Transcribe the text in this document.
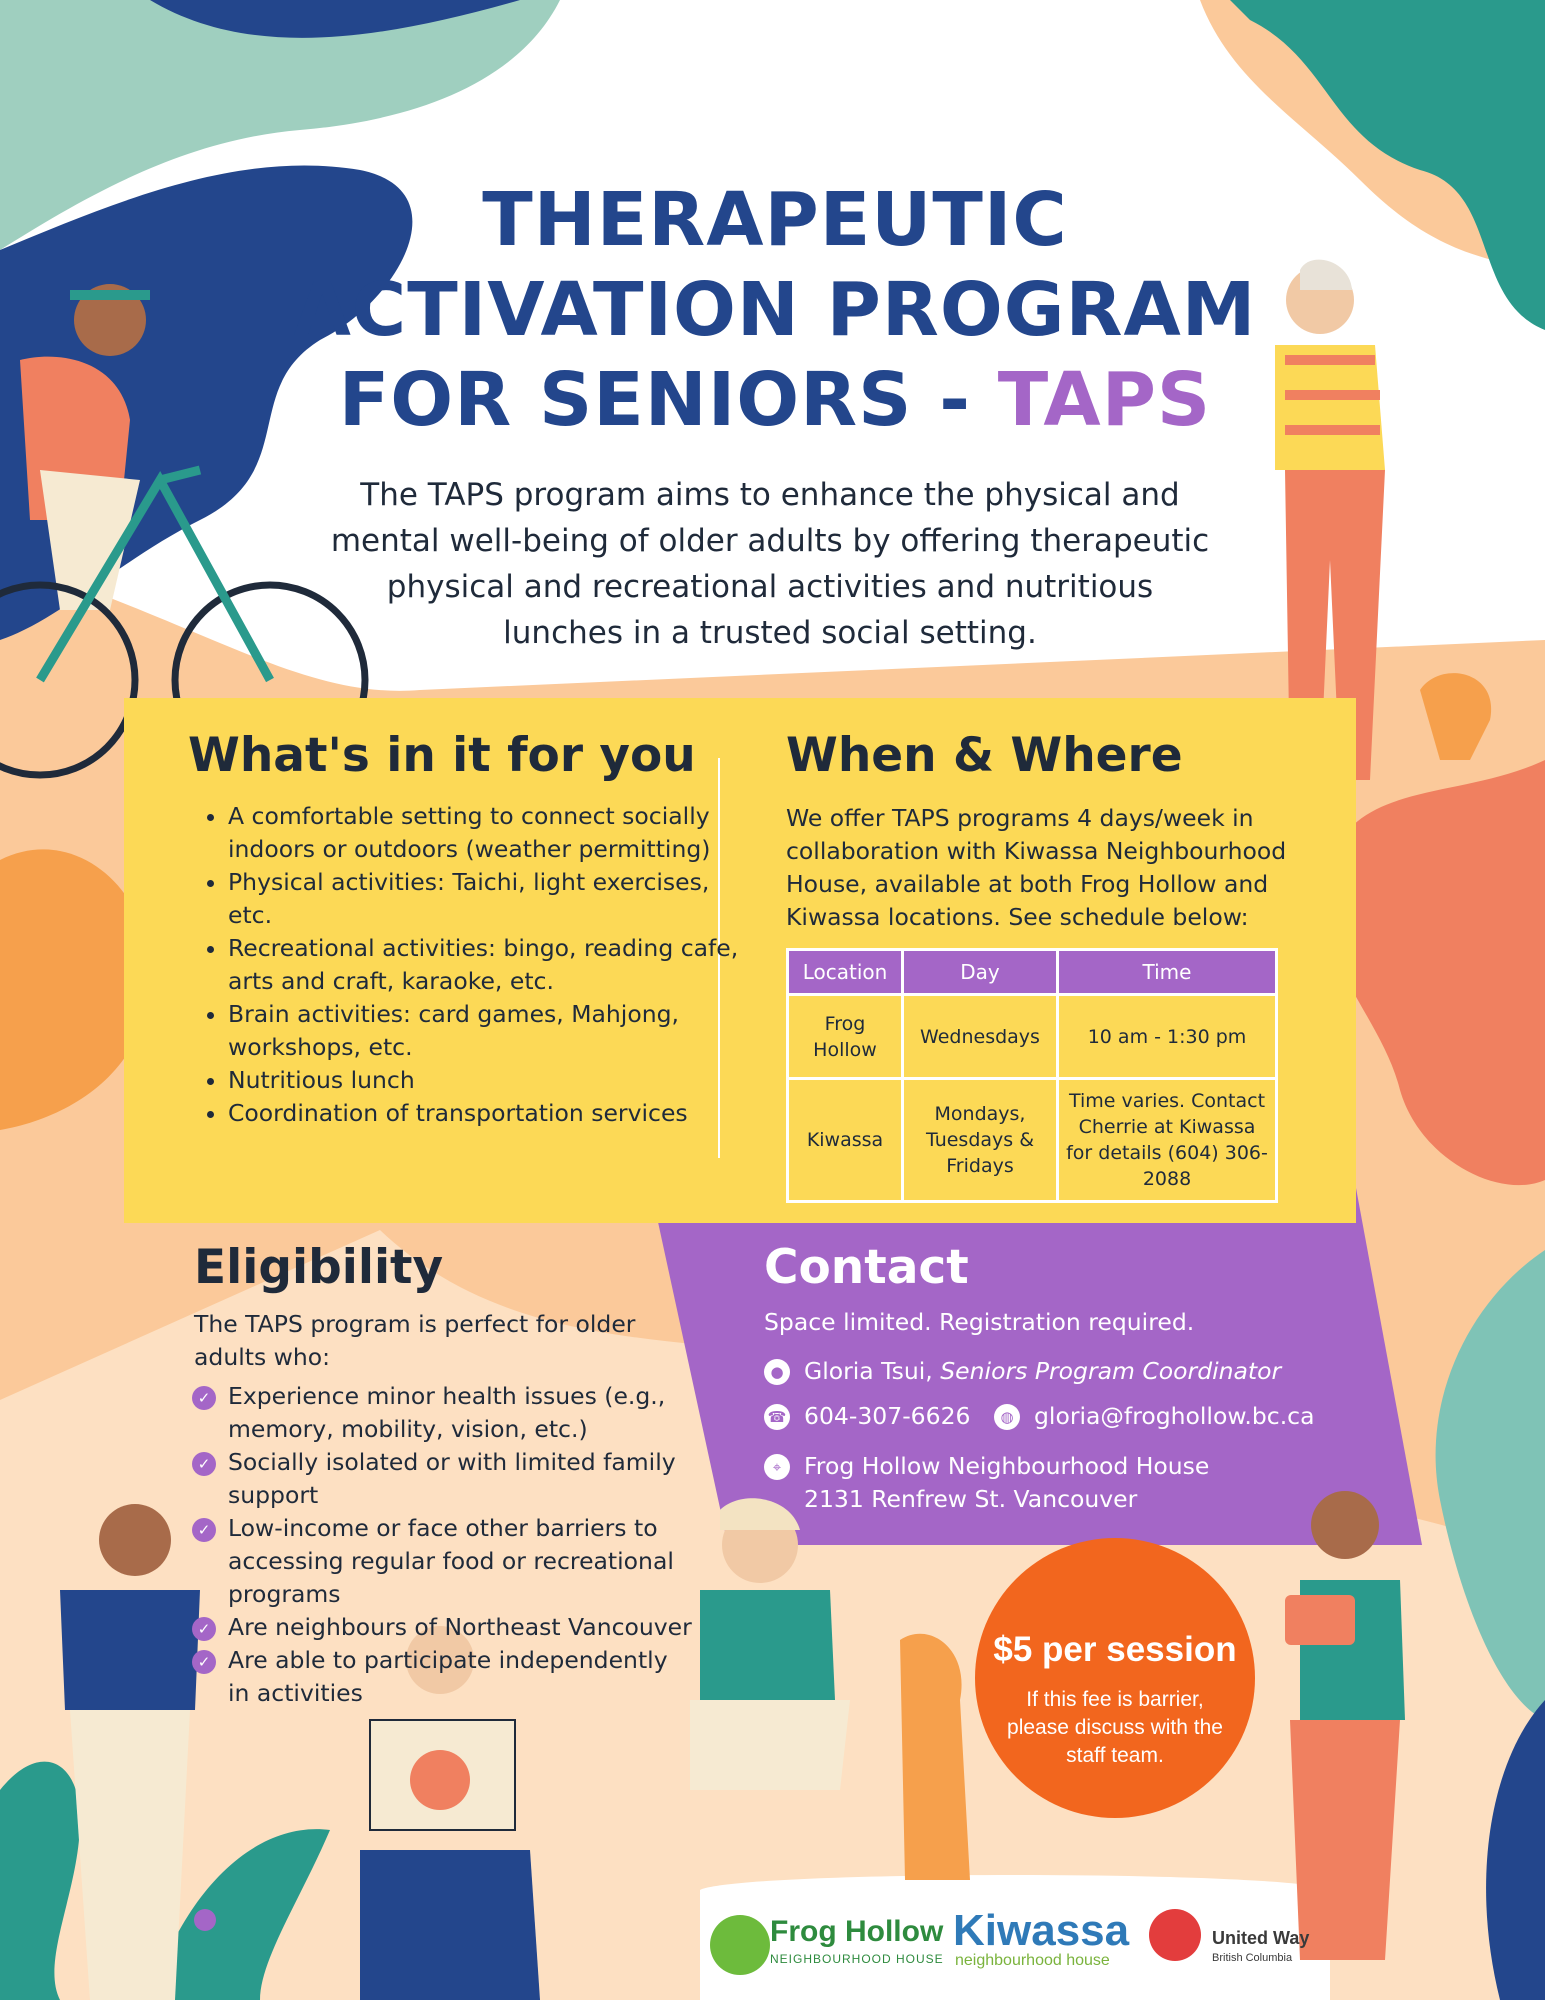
THERAPEUTIC
ACTIVATION PROGRAM
FOR SENIORS - TAPS
The TAPS program aims to enhance the physical and mental well-being of older adults by offering therapeutic physical and recreational activities and nutritious lunches in a trusted social setting.
What's in it for you
• A comfortable setting to connect socially indoors or outdoors (weather permitting)
• Physical activities: Taichi, light exercises, etc.
• Recreational activities: bingo, reading cafe, arts and craft, karaoke, etc.
• Brain activities: card games, Mahjong, workshops, etc.
• Nutritious lunch
• Coordination of transportation services
When & Where
We offer TAPS programs 4 days/week in collaboration with Kiwassa Neighbourhood House, available at both Frog Hollow and Kiwassa locations. See schedule below:
Location	Day	Time
Frog Hollow	Wednesdays	10 am - 1:30 pm
Kiwassa	Mondays, Tuesdays & Fridays	Time varies. Contact Cherrie at Kiwassa for details (604) 306-2088
Eligibility
The TAPS program is perfect for older adults who:
✓ Experience minor health issues (e.g., memory, mobility, vision, etc.)
✓ Socially isolated or with limited family support
✓ Low-income or face other barriers to accessing regular food or recreational programs
✓ Are neighbours of Northeast Vancouver
✓ Are able to participate independently in activities
Contact
Space limited. Registration required.
● Gloria Tsui,
Seniors Program Coordinator
☎ 604-307-6626	◍ gloria@froghollow.bc.ca
⌖ Frog Hollow Neighbourhood House
2131 Renfrew St. Vancouver
$5 per session
If this fee is barrier, please discuss with the staff team.
Frog Hollow
NEIGHBOURHOOD HOUSE
Kiwassa
neighbourhood house
United Way
British Columbia
